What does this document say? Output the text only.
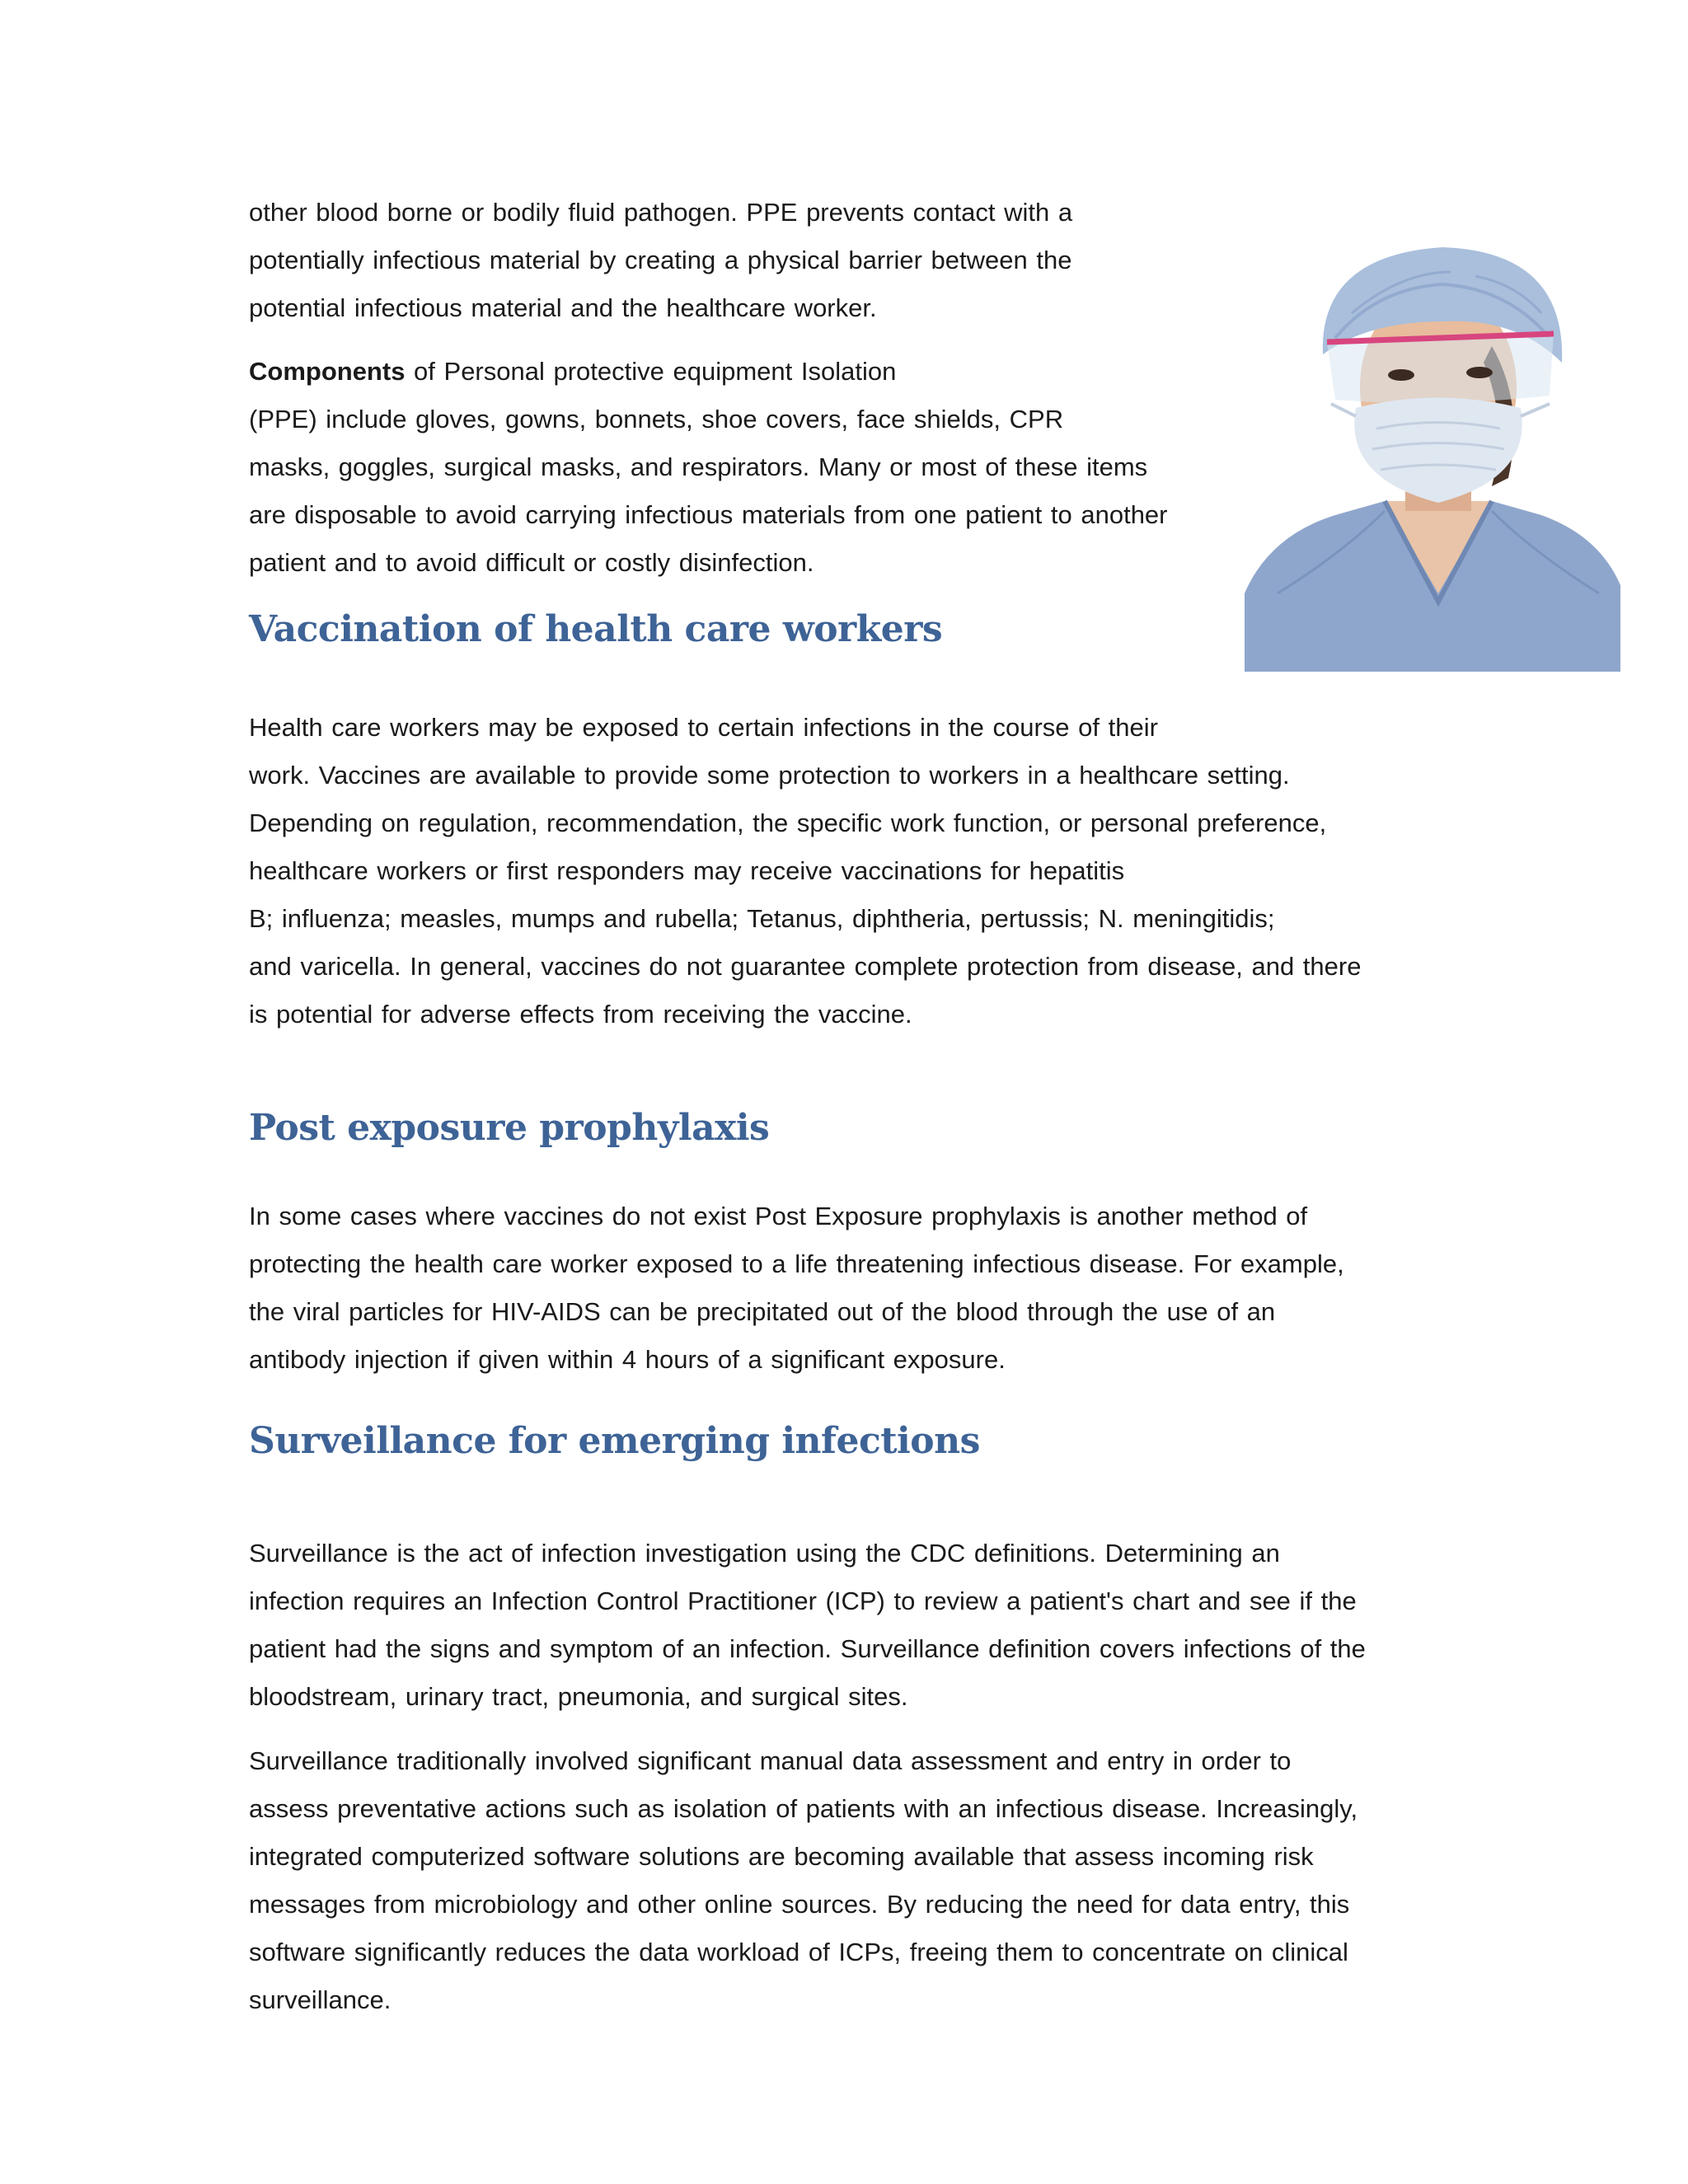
other blood borne or bodily fluid pathogen. PPE prevents contact with a
potentially infectious material by creating a physical barrier between the
potential infectious material and the healthcare worker.

Components of Personal protective equipment Isolation
(PPE) include gloves, gowns, bonnets, shoe covers, face shields, CPR
masks, goggles, surgical masks, and respirators. Many or most of these items
are disposable to avoid carrying infectious materials from one patient to another
patient and to avoid difficult or costly disinfection.

Vaccination of health care workers

Health care workers may be exposed to certain infections in the course of their
work. Vaccines are available to provide some protection to workers in a healthcare setting.
Depending on regulation, recommendation, the specific work function, or personal preference,
healthcare workers or first responders may receive vaccinations for hepatitis
B; influenza; measles, mumps and rubella; Tetanus, diphtheria, pertussis; N. meningitidis;
and varicella. In general, vaccines do not guarantee complete protection from disease, and there
is potential for adverse effects from receiving the vaccine.

Post exposure prophylaxis

In some cases where vaccines do not exist Post Exposure prophylaxis is another method of
protecting the health care worker exposed to a life threatening infectious disease. For example,
the viral particles for HIV-AIDS can be precipitated out of the blood through the use of an
antibody injection if given within 4 hours of a significant exposure.

Surveillance for emerging infections

Surveillance is the act of infection investigation using the CDC definitions. Determining an
infection requires an Infection Control Practitioner (ICP) to review a patient's chart and see if the
patient had the signs and symptom of an infection. Surveillance definition covers infections of the
bloodstream, urinary tract, pneumonia, and surgical sites.

Surveillance traditionally involved significant manual data assessment and entry in order to
assess preventative actions such as isolation of patients with an infectious disease. Increasingly,
integrated computerized software solutions are becoming available that assess incoming risk
messages from microbiology and other online sources. By reducing the need for data entry, this
software significantly reduces the data workload of ICPs, freeing them to concentrate on clinical
surveillance.
